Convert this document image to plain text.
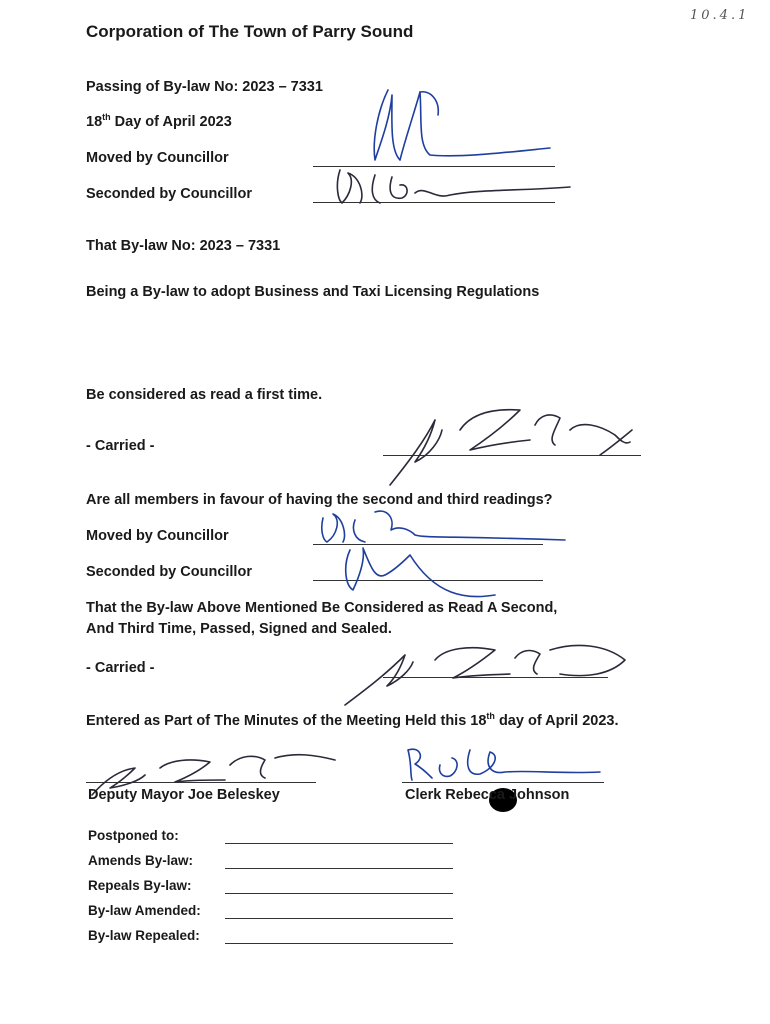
Corporation of The Town of Parry Sound
10.4.1
Passing of By-law No: 2023 – 7331
18th Day of April 2023
Moved by Councillor
Seconded by Councillor
That By-law No: 2023 – 7331
Being a By-law to adopt Business and Taxi Licensing Regulations
Be considered as read a first time.
- Carried -
Are all members in favour of having the second and third readings?
Moved by Councillor
Seconded by Councillor
That the By-law Above Mentioned Be Considered as Read A Second,
And Third Time, Passed, Signed and Sealed.
- Carried -
Entered as Part of The Minutes of the Meeting Held this 18th day of April 2023.
Deputy Mayor Joe Beleskey	Clerk Rebecca Johnson
Postponed to:
Amends By-law:
Repeals By-law:
By-law Amended:
By-law Repealed:
